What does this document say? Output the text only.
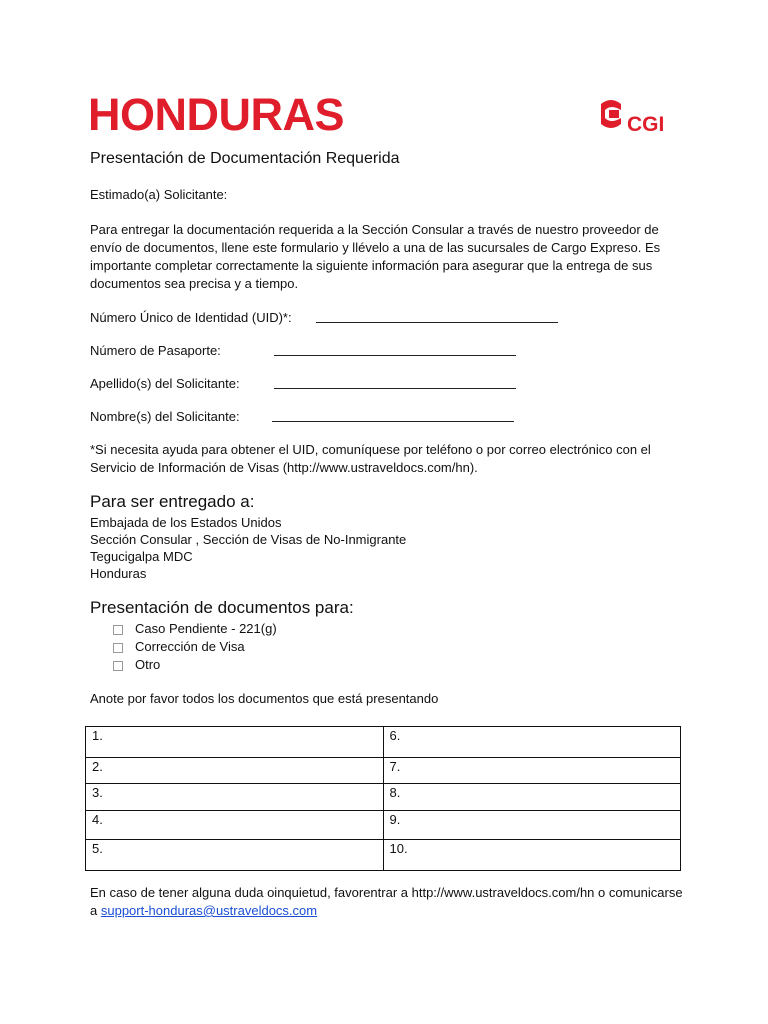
HONDURAS	CGI
Presentación de Documentación Requerida
Estimado(a) Solicitante:
Para entregar la documentación requerida a la Sección Consular a través de nuestro proveedor de envío de documentos, llene este formulario y llévelo a una de las sucursales de Cargo Expreso. Es importante completar correctamente la siguiente información para asegurar que la entrega de sus documentos sea precisa y a tiempo.
Número Único de Identidad (UID)*:
Número de Pasaporte:
Apellido(s) del Solicitante:
Nombre(s) del Solicitante:
*Si necesita ayuda para obtener el UID, comuníquese por teléfono o por correo electrónico con el Servicio de Información de Visas (http://www.ustraveldocs.com/hn).
Para ser entregado a:
Embajada de los Estados Unidos
Sección Consular , Sección de Visas de No-Inmigrante
Tegucigalpa MDC
Honduras
Presentación de documentos para:
Caso Pendiente - 221(g)
Corrección de Visa
Otro
Anote por favor todos los documentos que está presentando
1.	6.
2.	7.
3.	8.
4.	9.
5.	10.
En caso de tener alguna duda oinquietud, favorentrar a http://www.ustraveldocs.com/hn o comunicarse a support-honduras@ustraveldocs.com
